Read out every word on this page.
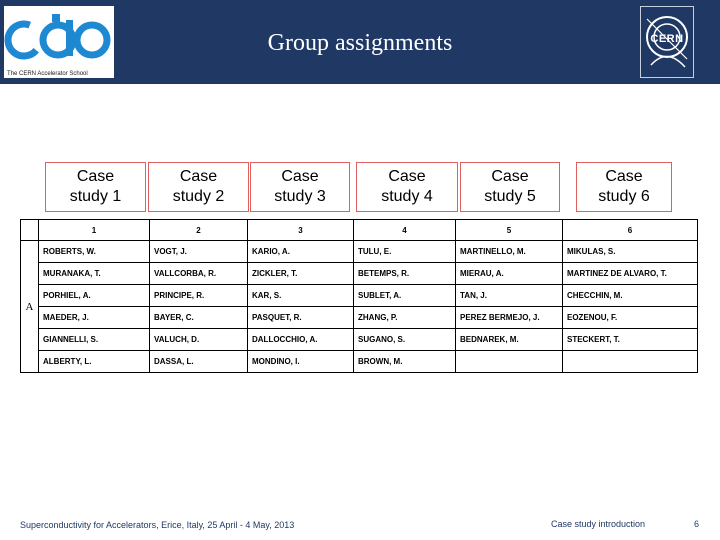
The CERN Accelerator School
Group assignments	CERN
Case
study 1
Case
study 2
Case
study 3
Case
study 4
Case
study 5
Case
study 6
	1	2	3	4	5	6
A	ROBERTS, W.	VOGT, J.	KARIO, A.	TULU, E.	MARTINELLO, M.	MIKULAS, S.
	MURANAKA, T.	VALLCORBA, R.	ZICKLER, T.	BETEMPS, R.	MIERAU, A.	MARTINEZ DE ALVARO, T.
	PORHIEL, A.	PRINCIPE, R.	KAR, S.	SUBLET, A.	TAN, J.	CHECCHIN, M.
	MAEDER, J.	BAYER, C.	PASQUET, R.	ZHANG, P.	PEREZ BERMEJO, J.	EOZENOU, F.
	GIANNELLI, S.	VALUCH, D.	DALLOCCHIO, A.	SUGANO, S.	BEDNAREK, M.	STECKERT, T.
	ALBERTY, L.	DASSA, L.	MONDINO, I.	BROWN, M.		
Superconductivity for Accelerators, Erice, Italy, 25 April - 4 May, 2013	Case study introduction	6
